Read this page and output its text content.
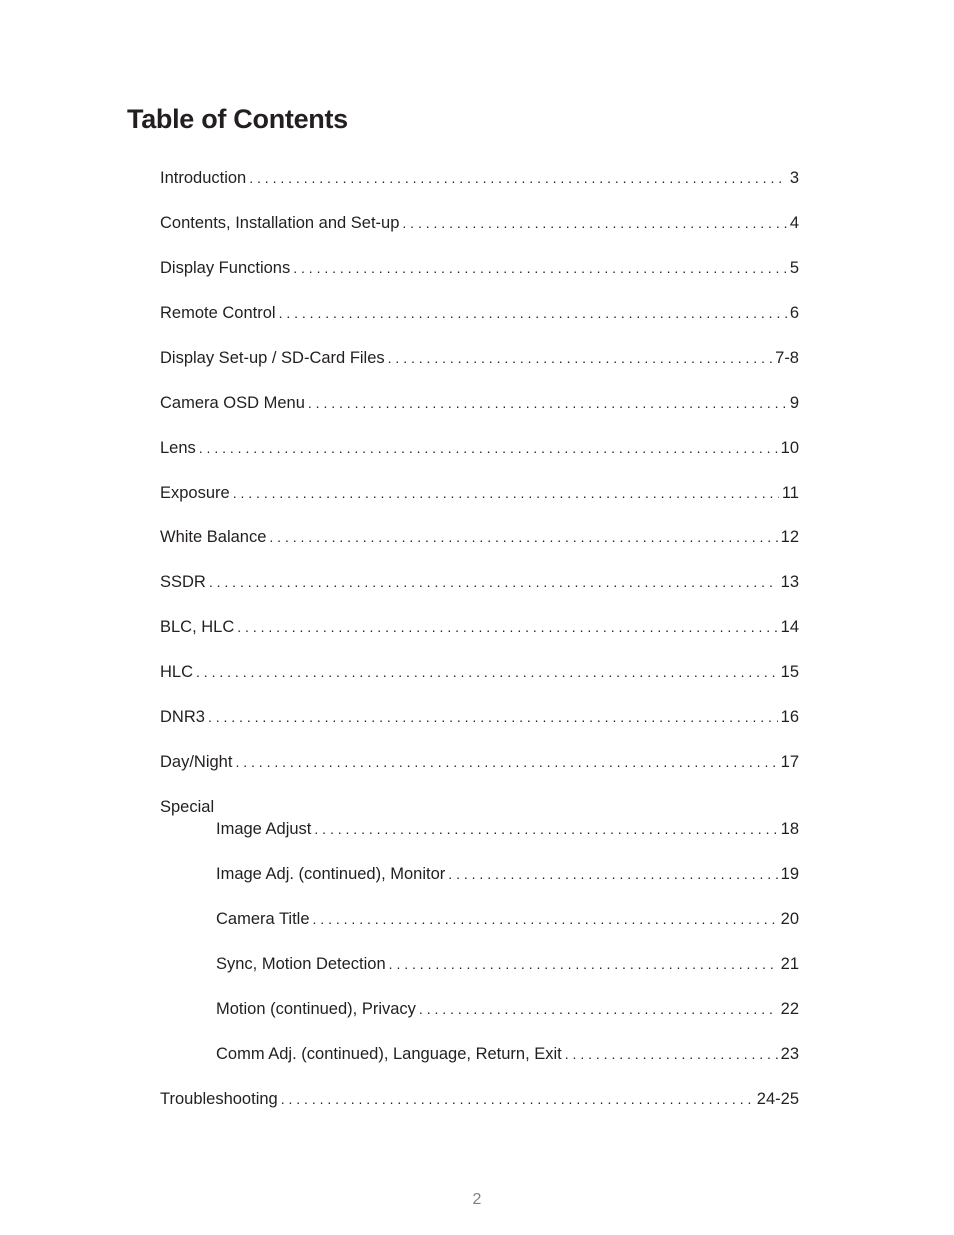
Table of Contents
Introduction . . .	3
Contents, Installation and Set-up . . .	4
Display Functions . . .	5
Remote Control . . .	6
Display Set-up / SD-Card Files . . .	7-8
Camera OSD Menu . . .	9
Lens . . .	10
Exposure . . .	11
White Balance . . .	12
SSDR . . .	13
BLC, HLC . . .	14
HLC . . .	15
DNR3 . . .	16
Day/Night . . .	17
Special
Image Adjust . . .	18
Image Adj. (continued), Monitor . . .	19
Camera Title . . .	20
Sync, Motion Detection . . .	21
Motion (continued), Privacy . . .	22
Comm Adj. (continued), Language, Return, Exit . . .	23
Troubleshooting . . .	24-25
2
